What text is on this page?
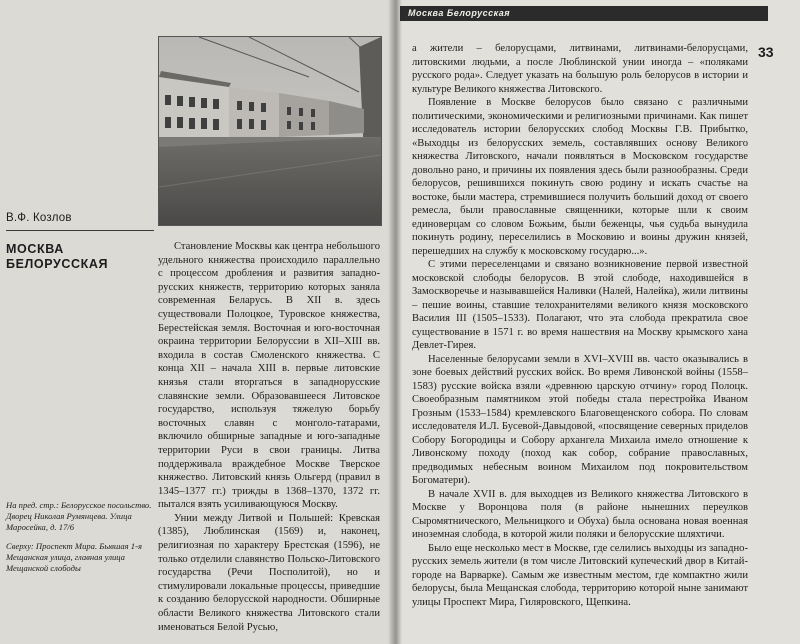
В.Ф. Козлов
МОСКВА
БЕЛОРУССКАЯ

Становление Москвы как центра небольшого удельного княжества происходило параллельно с процессом дробления и развития западно-русских княжеств, территорию которых заняла современная Беларусь. В XII в. здесь существовали Полоцкое, Туровское княжества, Берестейская земля. Восточная и юго-восточная окраина территории Белоруссии в XII–XIII вв. входила в состав Смоленского княжества. С конца XII – начала XIII в. первые литовские князья стали вторгаться в западнорусские славянские земли. Образовавшееся Литовское государство, используя тяжелую борьбу восточных славян с монголо-татарами, включило обширные западные и юго-западные территории Руси в свои границы. Литва поддерживала враждебное Москве Тверское княжество. Литовский князь Ольгерд (правил в 1345–1377 гг.) трижды в 1368–1370, 1372 гг. пытался взять усиливающуюся Москву.

Унии между Литвой и Польшей: Кревская (1385), Люблинская (1569) и, наконец, религиозная по характеру Брестская (1596), не только отделили славянство Польско-Литовского государства (Речи Посполитой), но и стимулировали локальные процессы, приведшие к созданию белорусской народности. Обширные области Великого княжества Литовского стали именоваться Белой Русью,

На пред. стр.: Белорусское посольство. Дворец Николая Румянцева. Улица Маросейка, д. 17/6

Сверху: Проспект Мира. Бывшая 1-я Мещанская улица, главная улица Мещанской слободы

Москва Белорусская
33

а жители – белорусцами, литвинами, литвинами-белорусцами, литовскими людьми, а после Люблинской унии иногда – «поляками русского рода». Следует указать на большую роль белорусов в истории и культуре Великого княжества Литовского.

Появление в Москве белорусов было связано с различными политическими, экономическими и религиозными причинами. Как пишет исследователь истории белорусских слобод Москвы Г.В. Прибытко, «Выходцы из белорусских земель, составлявших основу Великого княжества Литовского, начали появляться в Московском государстве довольно рано, и причины их появления здесь были разнообразны. Среди белорусов, решившихся покинуть свою родину и искать счастье на востоке, были мастера, стремившиеся получить больший доход от своего ремесла, были православные священники, которые шли к своим единоверцам со словом Божьим, были беженцы, чья судьба вынудила покинуть родину, переселились в Московию и воины дружин князей, перешедших на службу к московскому государю...».

С этими переселенцами и связано возникновение первой известной московской слободы белорусов. В этой слободе, находившейся в Замоскворечье и называвшейся Наливки (Налей, Налейка), жили литвины – пешие воины, ставшие телохранителями великого князя московского Василия III (1505–1533). Полагают, что эта слобода прекратила свое существование в 1571 г. во время нашествия на Москву крымского хана Девлет-Гирея.

Населенные белорусами земли в XVI–XVIII вв. часто оказывались в зоне боевых действий русских войск. Во время Ливонской войны (1558–1583) русские войска взяли «древнюю царскую отчину» город Полоцк. Своеобразным памятником этой победы стала перестройка Иваном Грозным (1533–1584) кремлевского Благовещенского собора. По словам исследователя И.Л. Бусевой-Давыдовой, «посвящение северных приделов Собору Богородицы и Собору архангела Михаила имело отношение к Ливонскому походу (поход как собор, собрание православных, предводимых небесным воином Михаилом под покровительством Богоматери).

В начале XVII в. для выходцев из Великого княжества Литовского в Москве у Воронцова поля (в районе нынешних переулков Сыромятнического, Мельницкого и Обуха) была основана новая военная иноземная слобода, в которой жили поляки и белорусские шляхтичи.

Было еще несколько мест в Москве, где селились выходцы из западно-русских земель жители (в том числе Литовский купеческий двор в Китай-городе на Варварке). Самым же известным местом, где компактно жили белорусы, была Мещанская слобода, территорию которой ныне занимают улицы Проспект Мира, Гиляровского, Щепкина.
